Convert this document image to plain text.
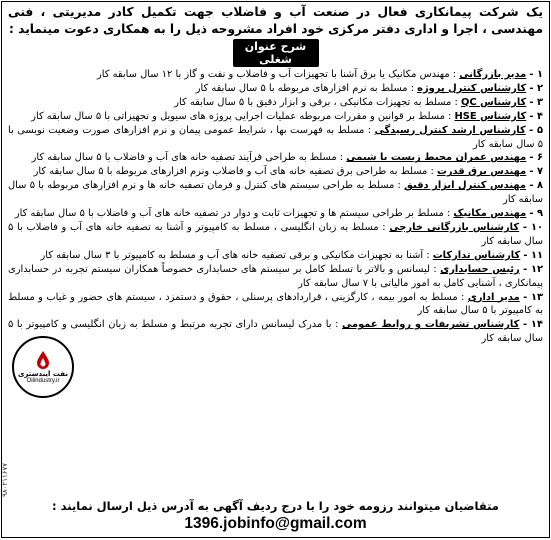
یک شرکت پیمانکاری فعال در صنعت آب و فاضلاب جهت تکمیل کادر مدیریتی ، فنی مهندسی ، اجرا و اداری دفتر مرکزی خود افراد مشروحه ذیل را به همکاری دعوت مینماید :
شرح عنوان شغلی
۱ - مدیر بازرگانی : مهندس مکانیک یا برق آشنا با تجهیزات آب و فاضلاب و نفت و گاز با ۱۲ سال سابقه کار
۲ - کارشناس کنترل پروژه : مسلط به نرم افزارهای مربوطه با ۵ سال سابقه کار
۳ - کارشناس QC : مسلط به تجهیزات مکانیکی ، برقی و ابزار دقیق با ۵ سال سابقه کار
۴ - کارشناس HSE : مسلط بر قوانین و مقررات مربوطه عملیات اجرایی پروژه های سیویل و تجهیزاتی با ۵ سال سابقه کار
۵ - کارشناس ارشد کنترل رسیدگی : مسلط به فهرست بها ، شرایط عمومی پیمان و نرم افزارهای صورت وضعیت نویسی با ۵ سال سابقه کار
۶ - مهندس عمران محیط زیست یا شیمی : مسلط به طراحی فرآیند تصفیه خانه های آب و فاضلاب با ۵ سال سابقه کار
۷ - مهندس برق قدرت : مسلط به طراحی برق تصفیه خانه های آب و فاضلاب ونرم افزارهای مربوطه با ۵ سال سابقه کار
۸ - مهندس کنترل ابزار دقیق : مسلط به طراحی سیستم های کنترل و فرمان تصفیه خانه ها و نرم افزارهای مربوطه با ۵ سال سابقه کار
۹ - مهندس مکانیک : مسلط بر طراحی سیستم ها و تجهیزات ثابت و دوار در تصفیه خانه های آب و فاضلاب با ۵ سال سابقه کار
۱۰ - کارشناس بازرگانی خارجی : مسلط به زبان انگلیسی ، مسلط به کامپیوتر و آشنا به تصفیه خانه های آب و فاضلاب با ۵ سال سابقه کار
۱۱ - کارشناس تدارکات : آشنا به تجهیزات مکانیکی و برقی تصفیه خانه های آب و مسلط به کامپیوتر با ۳ سال سابقه کار
۱۲ - رئیس حسابداری : لیسانس و بالاتر با تسلط کامل بر سیستم های حسابداری خصوصاً همکاران سیستم تجربه در حسابداری پیمانکاری ، آشنایی کامل به امور مالیاتی با ۷ سال سابقه کار
۱۳ - مدیر اداری : مسلط به امور بیمه ، کارگزینی ، قراردادهای پرسنلی ، حقوق و دستمزد ، سیستم های حضور و غیاب و مسلط به کامپیوتر با ۵ سال سابقه کار
۱۴ - کارشناس تشریفات و روابط عمومی : با مدرک لیسانس دارای تجربه مرتبط و مسلط به زبان انگلیسی و کامپیوتر با ۵ سال سابقه کار
نفت ایندستری
Oilindustry.ir
۹۸۰۲۱۱۶۷۷
متقاضیان میتوانند رزومه خود را با درج ردیف آگهی به آدرس ذیل ارسال نمایند :
1396.jobinfo@gmail.com
